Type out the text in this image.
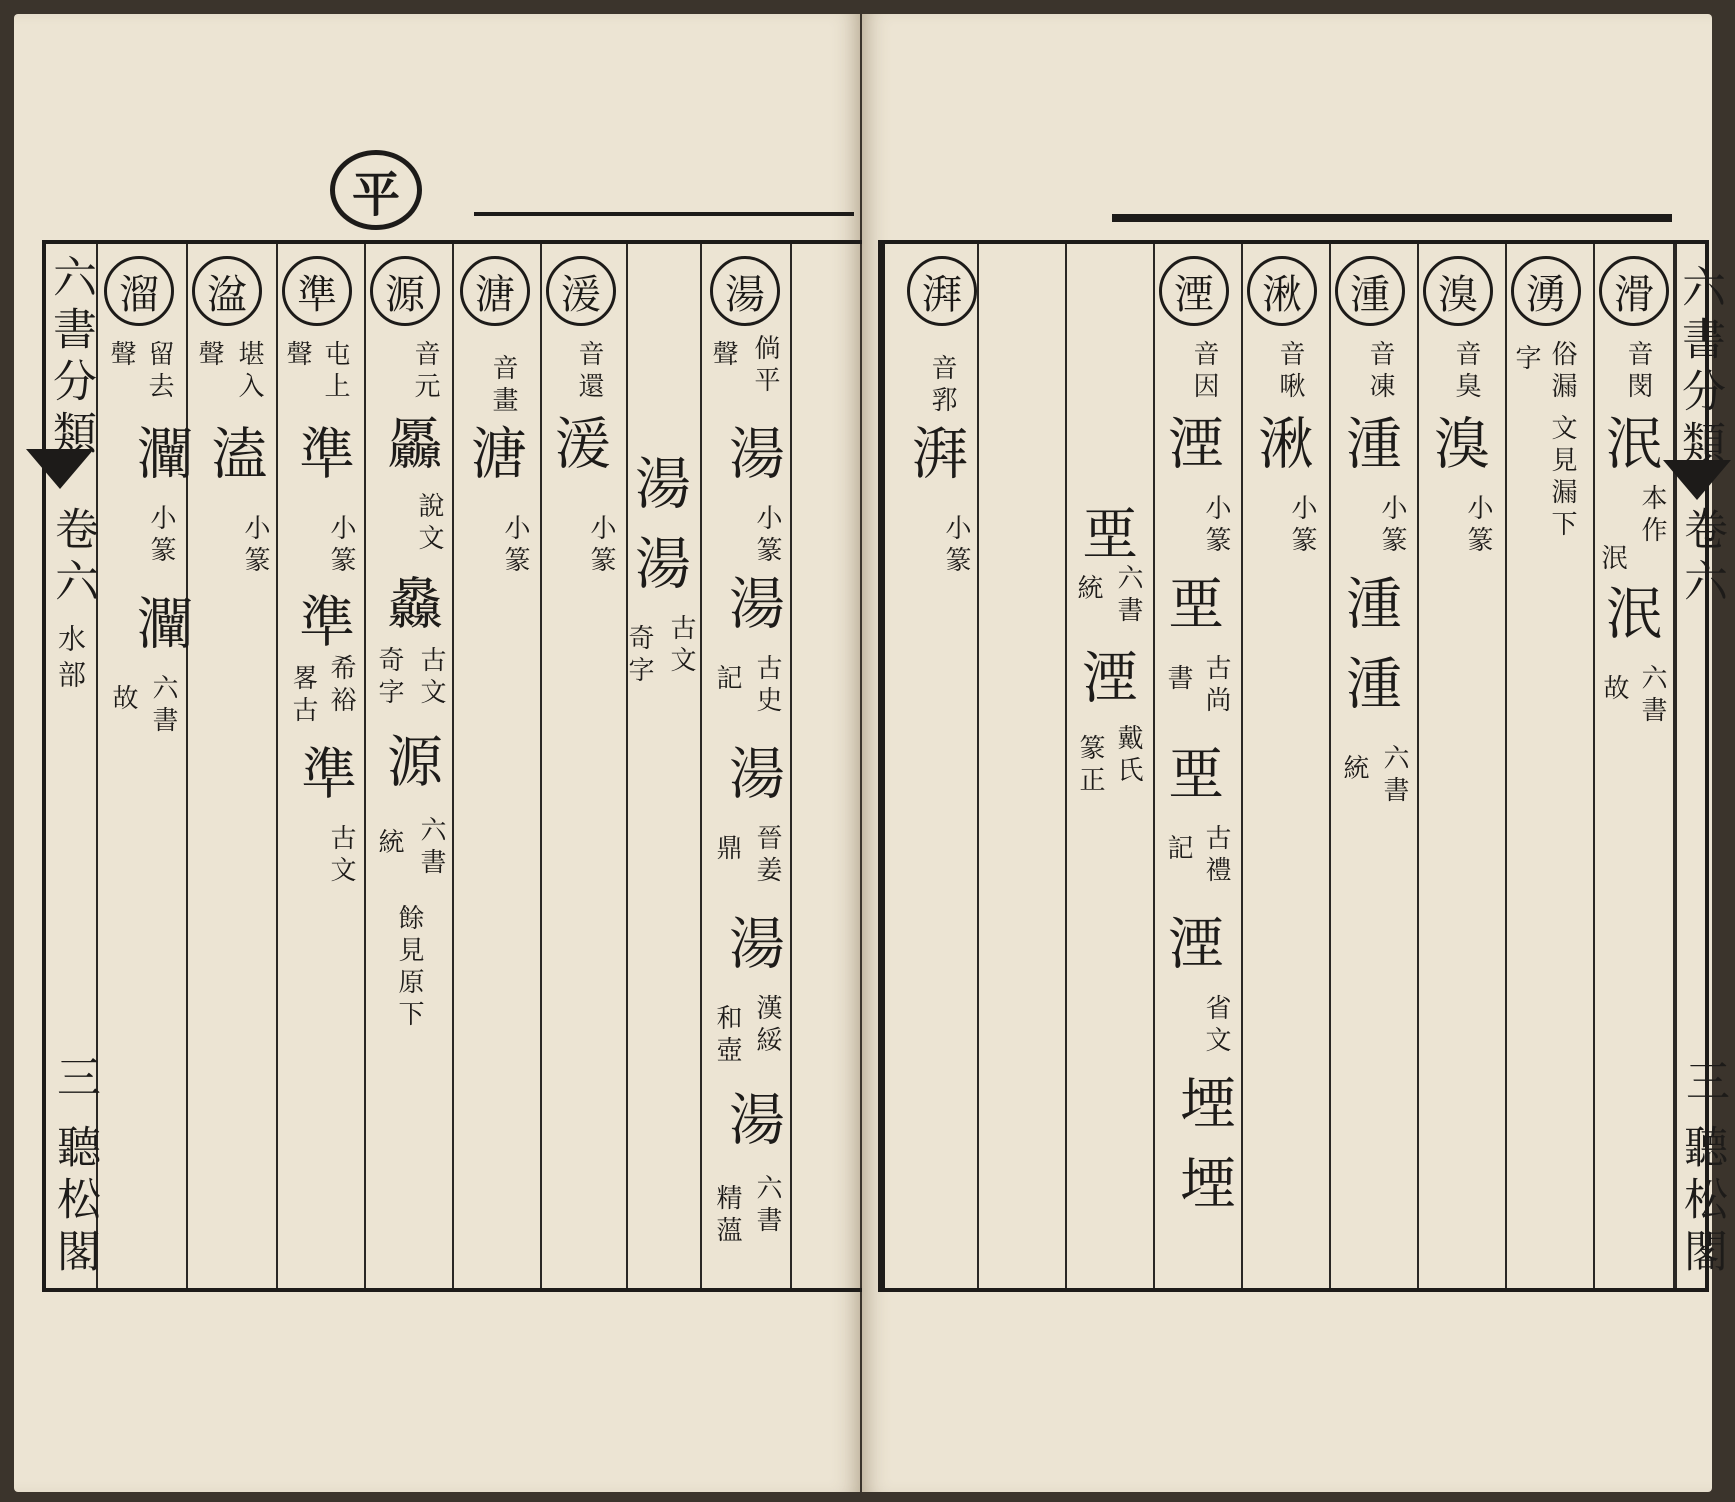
平
六書分類
卷六
水部
三
聽松閣
溜
留去
聲
灛
小篆
灛
六書
故
湓
堪入
聲
溘
小篆
準
屯上
聲
準
小篆
準
希裕
畧古
準
古文
源
音元
厵
說文
灥
古文
奇字
源
六書
統
餘見原下
溏
音畫
溏
小篆
湲
音還
湲
小篆
湯
湯
古文
奇字
湯
倘平
聲
湯
小篆
湯
古史
記
湯
晉姜
鼎
湯
漢綏
和壺
湯
六書
精薀
六書分類
卷六
三
聽松閣
滑
音閔
泯
本作
泯
泯
六書
故
湧
俗漏
字
文見漏下
溴
音臭
溴
小篆
湩
音凍
湩
小篆
湩
湩
六書
統
湫
音啾
湫
小篆
湮
音因
湮
小篆
垔
古尚
書
垔
古禮
記
湮
省文
堙
堙
垔
六書
統
湮
戴氏
篆正
湃
音郛
湃
小篆
